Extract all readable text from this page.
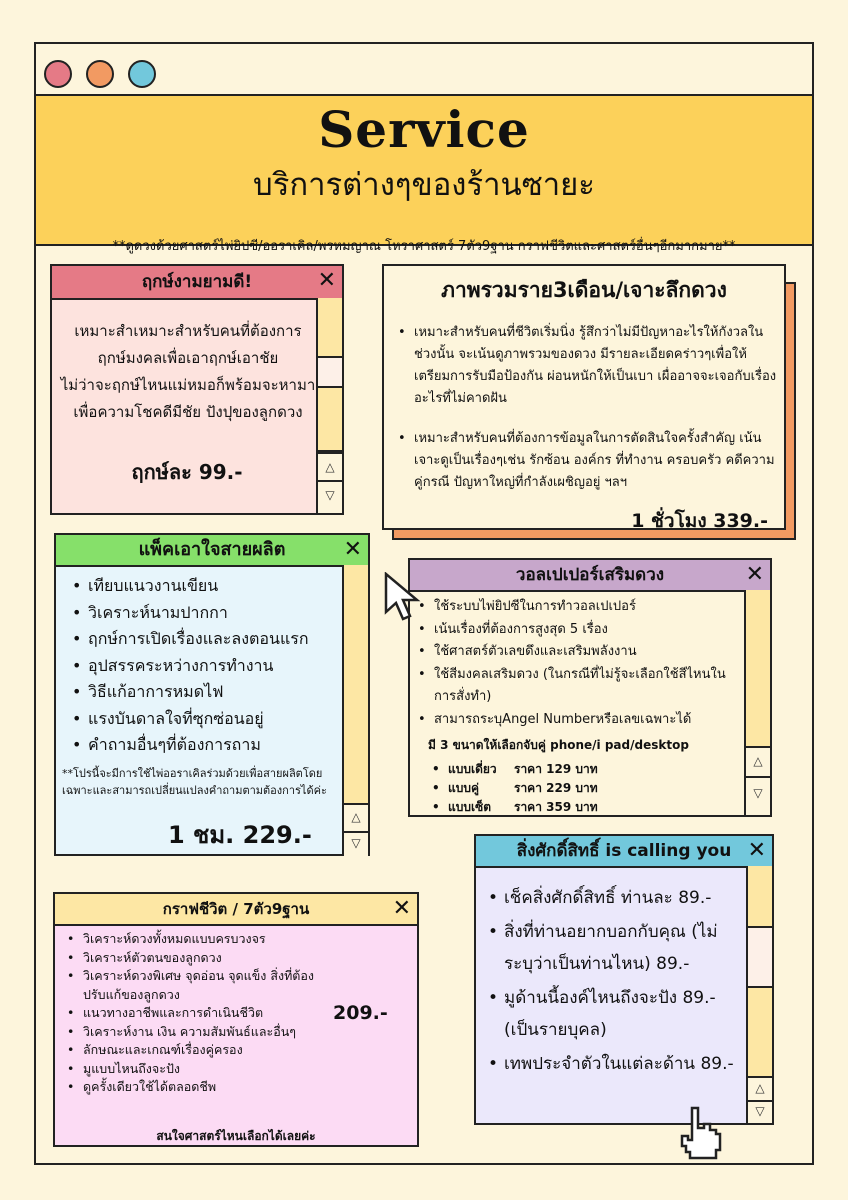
Service
บริการต่างๆของร้านซายะ
**ดูดวงด้วยศาสตร์ไพ่ยิปซี/ออราเคิล/พรหมญาณ โหราศาสตร์ 7ตัว9ฐาน กราฟชีวิตและศาสตร์อื่นๆอีกมากมาย**
ฤกษ์งามยามดี!	✕
△
▽
เหมาะสำเหมาะสำหรับคนที่ต้องการ
ฤกษ์มงคลเพื่อเอาฤกษ์เอาชัย
ไม่ว่าจะฤกษ์ไหนแม่หมอก็พร้อมจะหามา
เพื่อความโชคดีมีชัย ปังปุของลูกดวง
ฤกษ์ละ 99.-
ภาพรวมราย3เดือน/เจาะลึกดวง
• เหมาะสำหรับคนที่ชีวิตเริ่มนิ่ง รู้สึกว่าไม่มีปัญหาอะไรให้กังวลในช่วงนั้น จะเน้นดูภาพรวมของดวง มีรายละเอียดคร่าวๆเพื่อให้เตรียมการรับมือป้องกัน ผ่อนหนักให้เป็นเบา เผื่ออาจจะเจอกับเรื่องอะไรที่ไม่คาดฝัน
• เหมาะสำหรับคนที่ต้องการข้อมูลในการตัดสินใจครั้งสำคัญ เน้นเจาะดูเป็นเรื่องๆเช่น รักซ้อน องค์กร ที่ทำงาน ครอบครัว คดีความ คู่กรณี ปัญหาใหญ่ที่กำลังเผชิญอยู่ ฯลฯ
1 ชั่วโมง 339.-
แพ็คเอาใจสายผลิต	✕
△
▽
• เทียบแนวงานเขียน
• วิเคราะห์นามปากกา
• ฤกษ์การเปิดเรื่องและลงตอนแรก
• อุปสรรคระหว่างการทำงาน
• วิธีแก้อาการหมดไฟ
• แรงบันดาลใจที่ซุกซ่อนอยู่
• คำถามอื่นๆที่ต้องการถาม
**โปรนี้จะมีการใช้ไพ่ออราเคิลร่วมด้วยเพื่อสายผลิตโดยเฉพาะและสามารถเปลี่ยนแปลงคำถามตามต้องการได้ค่ะ
1 ชม. 229.-
วอลเปเปอร์เสริมดวง	✕
△
▽
• ใช้ระบบไพ่ยิปซีในการทำวอลเปเปอร์
• เน้นเรื่องที่ต้องการสูงสุด 5 เรื่อง
• ใช้ศาสตร์ตัวเลขดึงและเสริมพลังงาน
• ใช้สีมงคลเสริมดวง (ในกรณีที่ไม่รู้จะเลือกใช้สีไหนในการสั่งทำ)
• สามารถระบุAngel Numberหรือเลขเฉพาะได้
มี 3 ขนาดให้เลือกจับคู่ phone/i pad/desktop
• แบบเดี่ยว ราคา 129 บาท
• แบบคู่	ราคา 229 บาท
• แบบเซ็ต ราคา 359 บาท
สิ่งศักดิ์สิทธิ์ is calling you ✕
△
▽
• เช็คสิ่งศักดิ์สิทธิ์ ท่านละ 89.-
• สิ่งที่ท่านอยากบอกกับคุณ (ไม่ระบุว่าเป็นท่านไหน) 89.-
• มูด้านนี้องค์ไหนถึงจะปัง 89.- (เป็นรายบุคล)
• เทพประจำตัวในแต่ละด้าน 89.-
กราฟชีวิต / 7ตัว9ฐาน	✕
• วิเคราะห์ดวงทั้งหมดแบบครบวงจร
• วิเคราะห์ตัวตนของลูกดวง
• วิเคราะห์ดวงพิเศษ จุดอ่อน จุดแข็ง สิ่งที่ต้องปรับแก้ของลูกดวง
• แนวทางอาชีพและการดำเนินชีวิต
• วิเคราะห์งาน เงิน ความสัมพันธ์และอื่นๆ
• ลักษณะและเกณฑ์เรื่องคู่ครอง
• มูแบบไหนถึงจะปัง
• ดูครั้งเดียวใช้ได้ตลอดชีพ
209.-
สนใจศาสตร์ไหนเลือกได้เลยค่ะ
